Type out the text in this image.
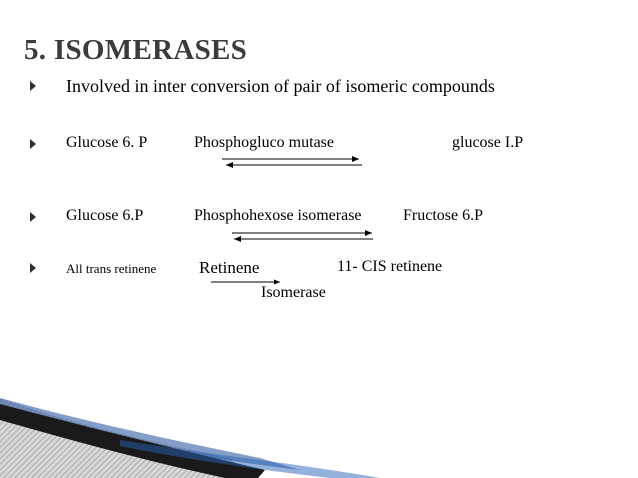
5. ISOMERASES
Involved in inter conversion of pair of isomeric compounds
Glucose 6. P	Phosphogluco mutase	glucose I.P
Glucose 6.P	Phosphohexose isomerase	Fructose 6.P
All trans retinene	Retinene	11- CIS retinene
Isomerase
